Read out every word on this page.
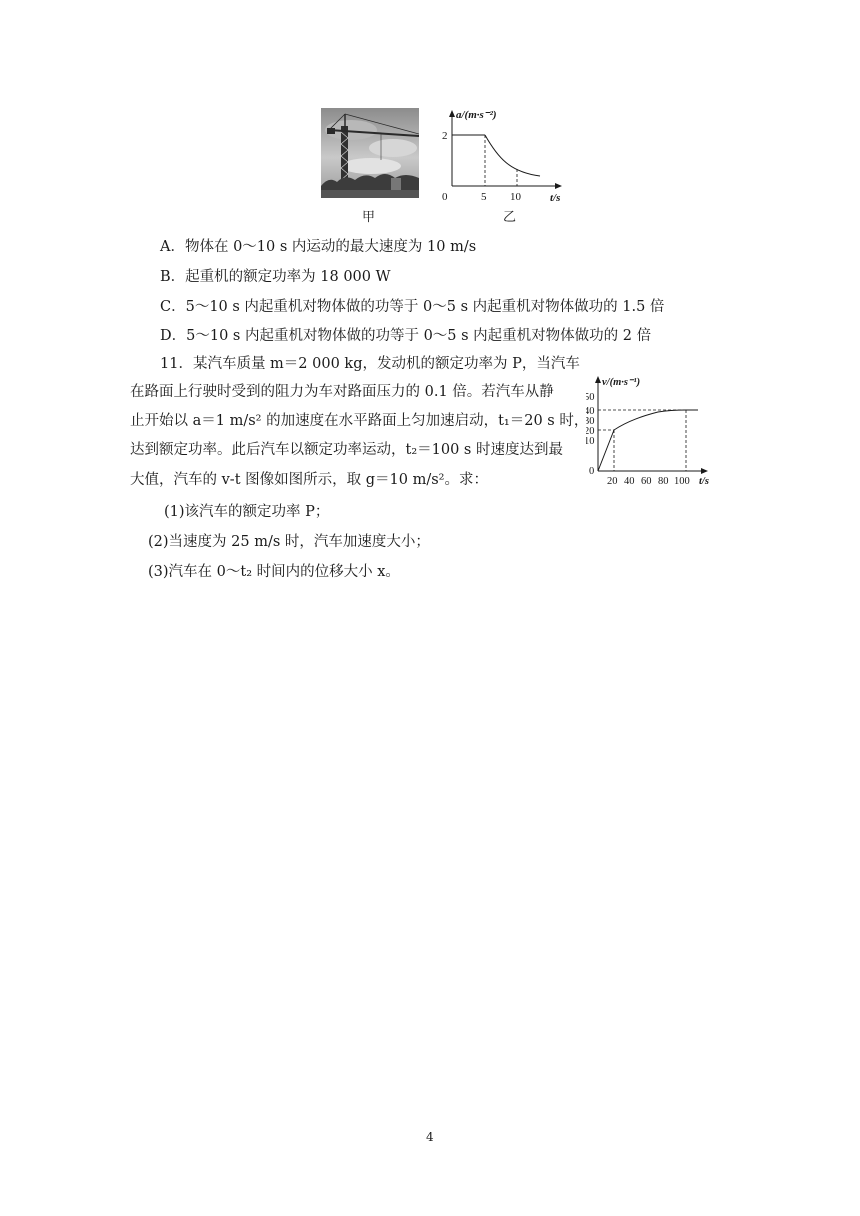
甲
a/(m·s⁻²)
2
0	5 10	t/s
乙
A．物体在 0～10 s 内运动的最大速度为 10 m/s
B．起重机的额定功率为 18 000 W
C．5～10 s 内起重机对物体做的功等于 0～5 s 内起重机对物体做功的 1.5 倍
D．5～10 s 内起重机对物体做的功等于 0～5 s 内起重机对物体做功的 2 倍
11．某汽车质量 m＝2 000 kg，发动机的额定功率为 P，当汽车
在路面上行驶时受到的阻力为车对路面压力的 0.1 倍。若汽车从静
止开始以 a＝1 m/s² 的加速度在水平路面上匀加速启动，t₁＝20 s 时，
达到额定功率。此后汽车以额定功率运动，t₂＝100 s 时速度达到最
大值，汽车的 v-t 图像如图所示，取 g＝10 m/s²。求：
(1)该汽车的额定功率 P；
(2)当速度为 25 m/s 时，汽车加速度大小；
(3)汽车在 0～t₂ 时间内的位移大小 x。
v/(m·s⁻¹)
50
40
30
20
10
0
20 40 60 80 100 t/s
4
